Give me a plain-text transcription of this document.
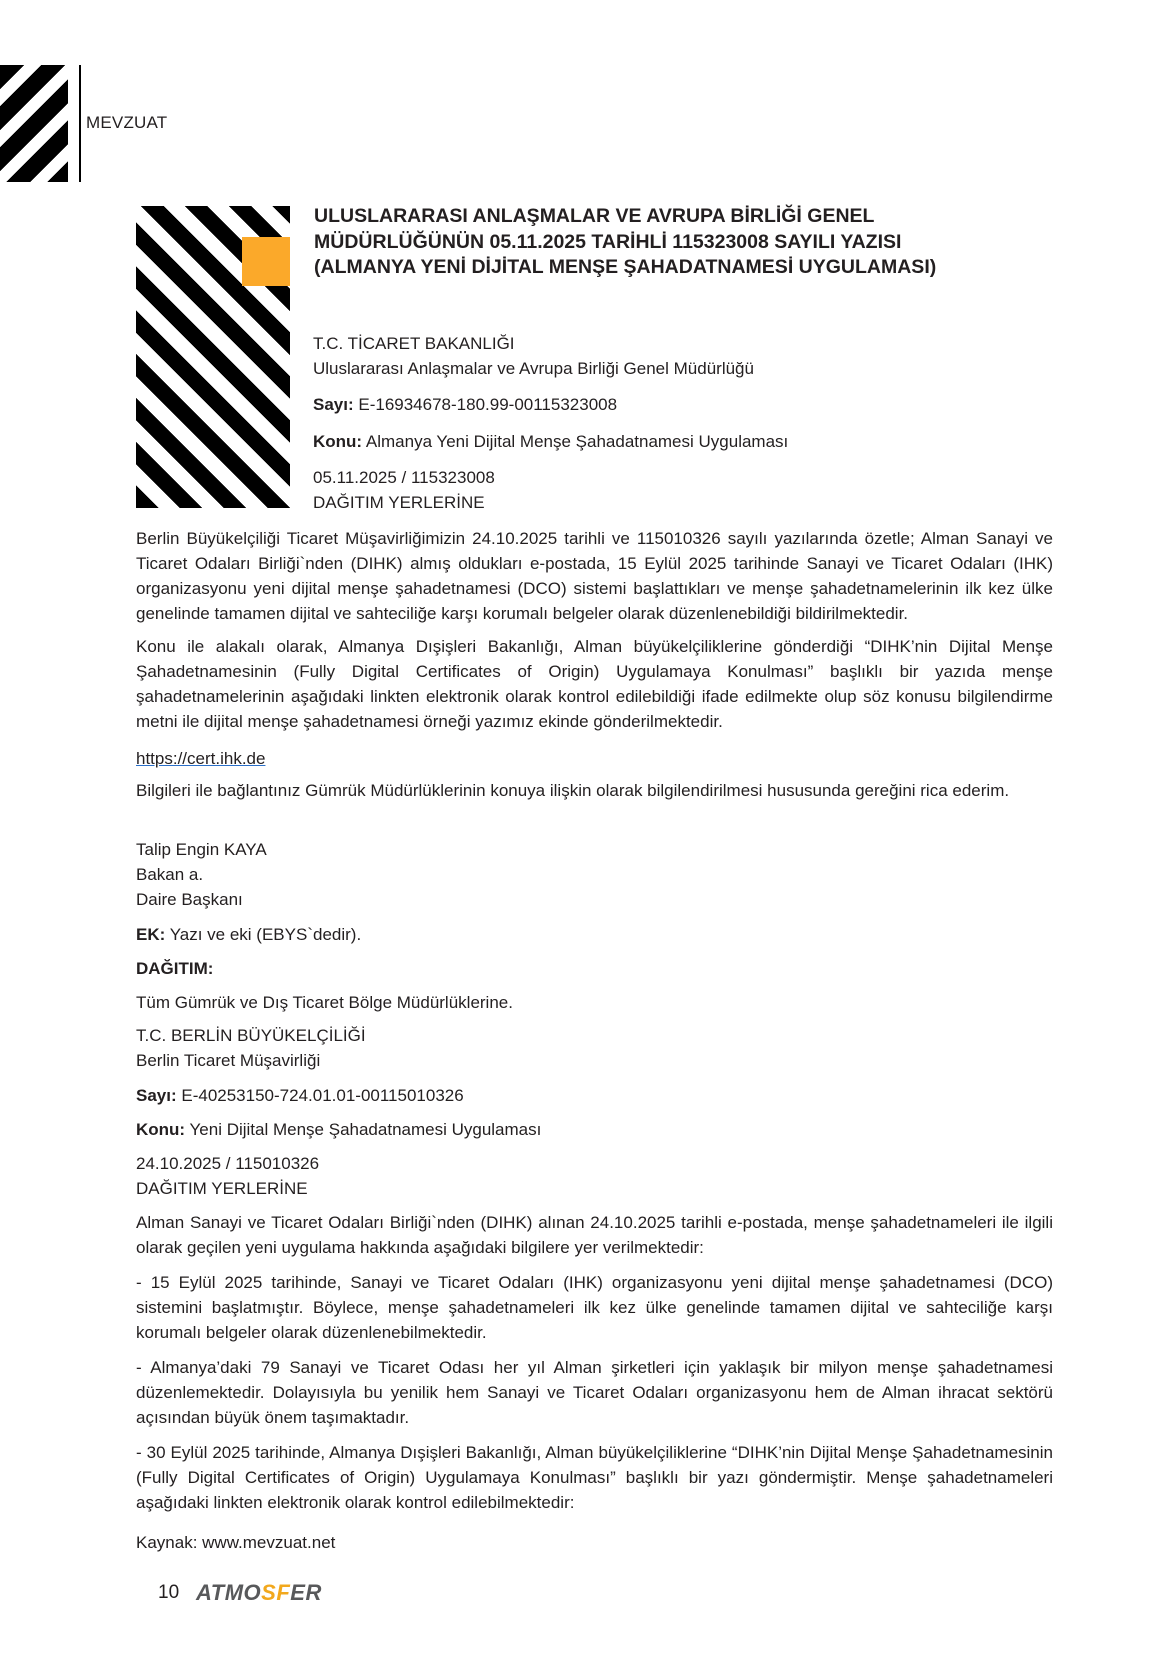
MEVZUAT
ULUSLARARASI ANLAŞMALAR VE AVRUPA BİRLİĞİ GENEL
MÜDÜRLÜĞÜNÜN 05.11.2025 TARİHLİ 115323008 SAYILI YAZISI
(ALMANYA YENİ DİJİTAL MENŞE ŞAHADATNAMESİ UYGULAMASI)
T.C. TİCARET BAKANLIĞI
Uluslararası Anlaşmalar ve Avrupa Birliği Genel Müdürlüğü
Sayı: E-16934678-180.99-00115323008
Konu: Almanya Yeni Dijital Menşe Şahadatnamesi Uygulaması
05.11.2025 / 115323008
DAĞITIM YERLERİNE
Berlin Büyükelçiliği Ticaret Müşavirliğimizin 24.10.2025 tarihli ve 115010326 sayılı yazılarında özetle; Alman Sanayi ve Ticaret Odaları Birliği`nden (DIHK) almış oldukları e-postada, 15 Eylül 2025 tarihinde Sanayi ve Ticaret Odaları (IHK) organizasyonu yeni dijital menşe şahadetnamesi (DCO) sistemi başlattıkları ve menşe şahadetnamelerinin ilk kez ülke genelinde tamamen dijital ve sahteciliğe karşı korumalı belgeler olarak düzenlenebildiği bildirilmektedir.
Konu ile alakalı olarak, Almanya Dışişleri Bakanlığı, Alman büyükelçiliklerine gönderdiği “DIHK’nin Dijital Menşe Şahadetnamesinin (Fully Digital Certificates of Origin) Uygulamaya Konulması” başlıklı bir yazıda menşe şahadetnamelerinin aşağıdaki linkten elektronik olarak kontrol edilebildiği ifade edilmekte olup söz konusu bilgilendirme metni ile dijital menşe şahadetnamesi örneği yazımız ekinde gönderilmektedir.
https://cert.ihk.de
Bilgileri ile bağlantınız Gümrük Müdürlüklerinin konuya ilişkin olarak bilgilendirilmesi hususunda gereğini rica ederim.
Talip Engin KAYA
Bakan a.
Daire Başkanı
EK: Yazı ve eki (EBYS`dedir).
DAĞITIM:
Tüm Gümrük ve Dış Ticaret Bölge Müdürlüklerine.
T.C. BERLİN BÜYÜKELÇİLİĞİ
Berlin Ticaret Müşavirliği
Sayı: E-40253150-724.01.01-00115010326
Konu: Yeni Dijital Menşe Şahadatnamesi Uygulaması
24.10.2025 / 115010326
DAĞITIM YERLERİNE
Alman Sanayi ve Ticaret Odaları Birliği`nden (DIHK) alınan 24.10.2025 tarihli e-postada, menşe şahadetnameleri ile ilgili olarak geçilen yeni uygulama hakkında aşağıdaki bilgilere yer verilmektedir:
- 15 Eylül 2025 tarihinde, Sanayi ve Ticaret Odaları (IHK) organizasyonu yeni dijital menşe şahadetnamesi (DCO) sistemini başlatmıştır. Böylece, menşe şahadetnameleri ilk kez ülke genelinde tamamen dijital ve sahteciliğe karşı korumalı belgeler olarak düzenlenebilmektedir.
- Almanya’daki 79 Sanayi ve Ticaret Odası her yıl Alman şirketleri için yaklaşık bir milyon menşe şahadetnamesi düzenlemektedir. Dolayısıyla bu yenilik hem Sanayi ve Ticaret Odaları organizasyonu hem de Alman ihracat sektörü açısından büyük önem taşımaktadır.
- 30 Eylül 2025 tarihinde, Almanya Dışişleri Bakanlığı, Alman büyükelçiliklerine “DIHK’nin Dijital Menşe Şahadetnamesinin (Fully Digital Certificates of Origin) Uygulamaya Konulması” başlıklı bir yazı göndermiştir. Menşe şahadetnameleri aşağıdaki linkten elektronik olarak kontrol edilebilmektedir:
Kaynak: www.mevzuat.net
10 ATMOSFER
